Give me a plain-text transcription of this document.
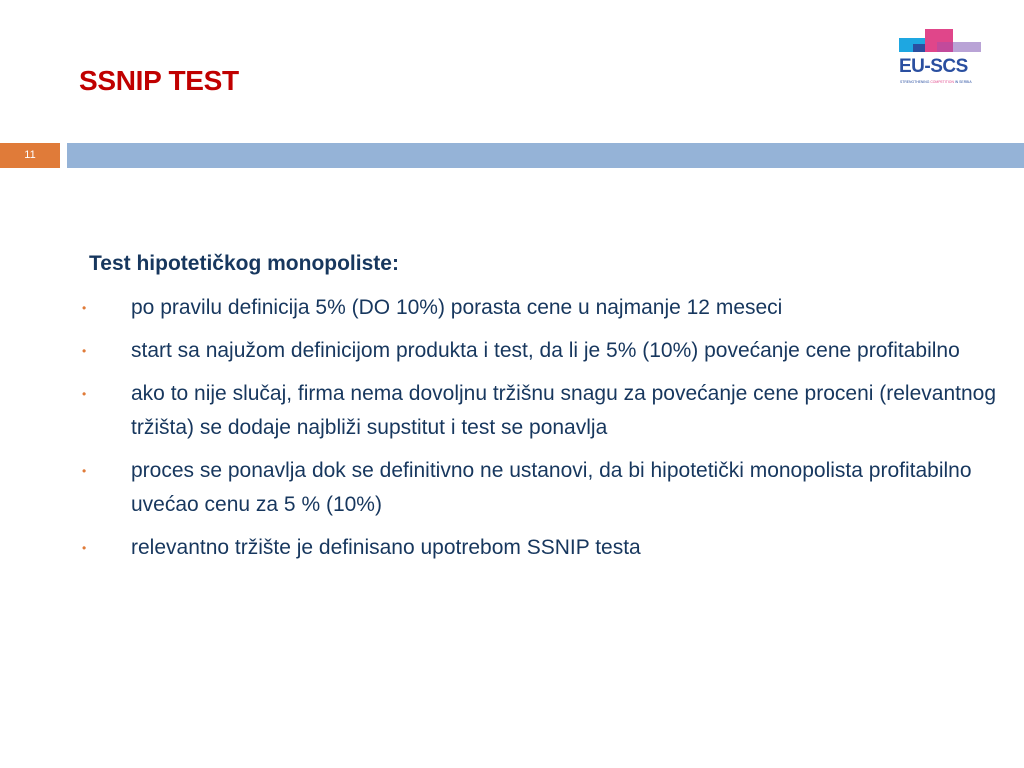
SSNIP TEST	EU-SCS
STRENGTHENING COMPETITION IN SERBIA
11
Test hipotetičkog monopoliste:
• po pravilu definicija 5% (DO 10%) porasta cene u najmanje 12 meseci
• start sa najužom definicijom produkta i test, da li je 5% (10%) povećanje cene profitabilno
• ako to nije slučaj, firma nema dovoljnu tržišnu snagu za povećanje cene proceni (relevantnog tržišta) se dodaje najbliži supstitut i test se ponavlja
• proces se ponavlja dok se definitivno ne ustanovi, da bi hipotetički monopolista profitabilno uvećao cenu za 5 % (10%)
• relevantno tržište je definisano upotrebom SSNIP testa
